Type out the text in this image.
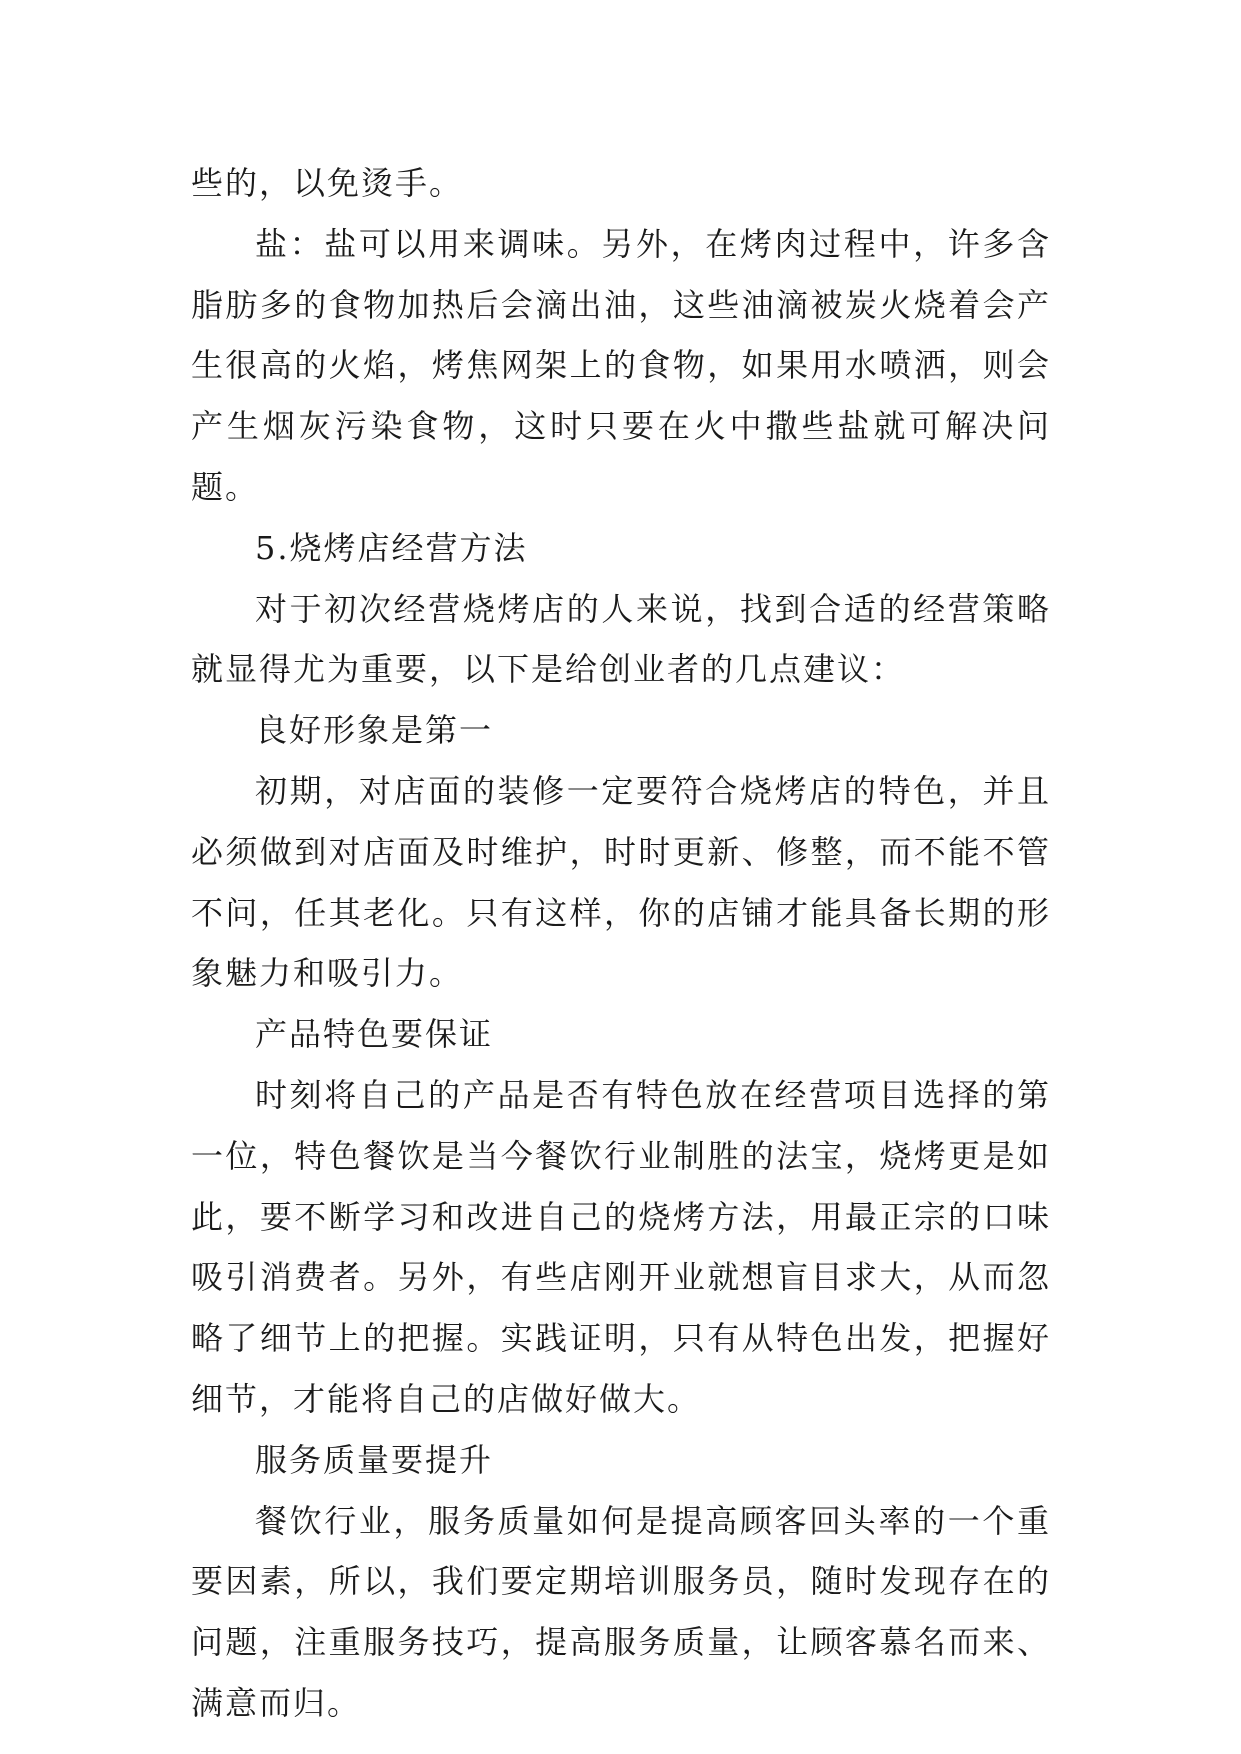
些的，以免烫手。

盐：盐可以用来调味。另外，在烤肉过程中，许多含脂肪多的食物加热后会滴出油，这些油滴被炭火烧着会产生很高的火焰，烤焦网架上的食物，如果用水喷洒，则会产生烟灰污染食物，这时只要在火中撒些盐就可解决问题。

5.烧烤店经营方法

对于初次经营烧烤店的人来说，找到合适的经营策略就显得尤为重要，以下是给创业者的几点建议：

良好形象是第一

初期，对店面的装修一定要符合烧烤店的特色，并且必须做到对店面及时维护，时时更新、修整，而不能不管不问，任其老化。只有这样，你的店铺才能具备长期的形象魅力和吸引力。

产品特色要保证

时刻将自己的产品是否有特色放在经营项目选择的第一位，特色餐饮是当今餐饮行业制胜的法宝，烧烤更是如此，要不断学习和改进自己的烧烤方法，用最正宗的口味吸引消费者。另外，有些店刚开业就想盲目求大，从而忽略了细节上的把握。实践证明，只有从特色出发，把握好细节，才能将自己的店做好做大。

服务质量要提升

餐饮行业，服务质量如何是提高顾客回头率的一个重要因素，所以，我们要定期培训服务员，随时发现存在的问题，注重服务技巧，提高服务质量，让顾客慕名而来、满意而归。
